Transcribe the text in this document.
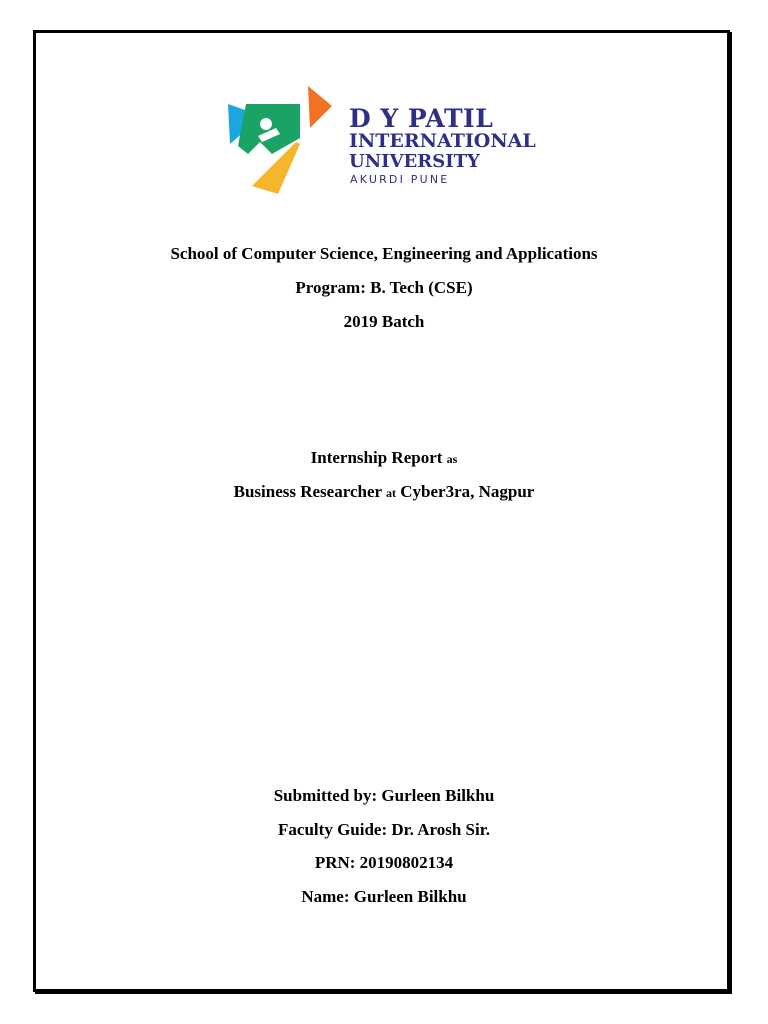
D Y PATIL
INTERNATIONAL
UNIVERSITY
AKURDI PUNE
School of Computer Science, Engineering and Applications
Program: B. Tech (CSE)
2019 Batch
Internship Report as
Business Researcher at Cyber3ra, Nagpur
Submitted by: Gurleen Bilkhu
Faculty Guide: Dr. Arosh Sir.
PRN: 20190802134
Name: Gurleen Bilkhu
